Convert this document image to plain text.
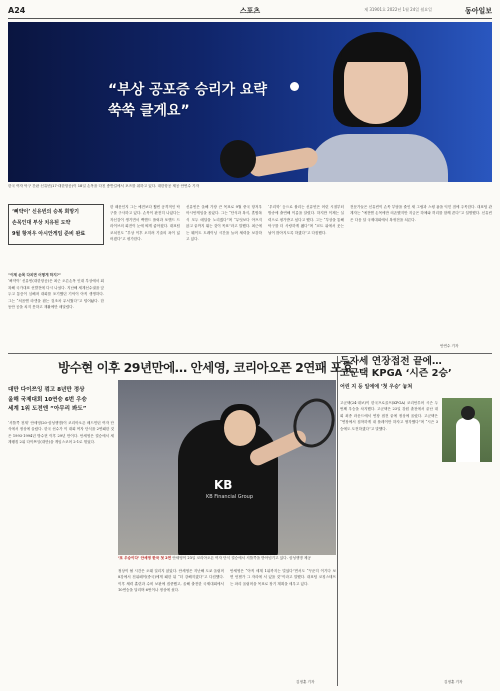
A24	스포츠	제 31901호 2022년 1월 24일 월요일	동아일보
“부상 공포증 승리가 요략 쑥쑥 클게요”
한국 여자 탁구 간판 신유빈(17·대한항공)이 18일 손목을 다친 충반길에서 포즈를 취하고 있다. 대한항공 제공 안연수 기자

‘삐약이’ 신유빈의 승복 희망기

손목인대 부상 치유된 도약

9월 항저우 아시안게임 준비 완료

“이제 손목 다치면 어떻게 하지?”
‘삐약이’ 신유빈(대한항공)은 최근 오른손목 인대 부상에서 회복해 국가대표 선발전에 다시 나섰다. 지난해 세계선수권을 앞두고 통증이 심해져 대회를 포기했던 기억이 아직 생생하다. 그는 “처음엔 라켓을 잡는 것조차 무서웠다”고 털어놨다. 한동안 공을 치지 못하고 재활에만 매달렸다.
한 때문인지 그는 예전보다 훨씬 공격적인 탁구를 구사하고 있다. 손목이 완전히 나았다는 자신감이 생기면서 백핸드 플릭과 포핸드 드라이브의 회전이 눈에 띄게 좋아졌다. 대표팀 코치진도 “부상 이후 오히려 기술의 폭이 넓어졌다”고 평가한다.
신유빈은 올해 가장 큰 목표로 9월 중국 항저우 아시안게임을 꼽았다. 그는 “단식과 복식, 혼합복식 모두 메달을 노리겠다”며 “무엇보다 아프지 않고 끝까지 뛰는 것이 목표”라고 말했다. 최근에는 웨이트 트레이닝 시간을 늘려 체력을 보강하고 있다.
‘우리학’ 등으로 불리는 신유빈은 어린 시절부터 방송에 출연해 이름을 알렸다. 하지만 이제는 실력으로 평가받고 싶다고 했다. 그는 “부상을 통해 탁구를 더 사랑하게 됐다”며 “코트 위에서 웃는 날이 많아지도록 하겠다”고 다짐했다.
전문가들은 신유빈이 손목 부담을 줄인 새 그립과 스윙 폼을 익힌 점에 주목한다. 대표팀 관계자는 “예전엔 손목에만 의존했지만 지금은 하체와 허리를 함께 쓴다”고 설명했다. 신유빈은 다음 달 국제대회에서 복귀전을 치른다.
안연수 기자
방수현 이후 29년만에… 안세영, 코리아오픈 2연패 포효
대만 다이쯔잉 꺾고 8년만 정상
올해 국제대회 10연승 6번 우승
세계 1위 도전엔 “아무리 봐도”
‘셔틀콕 천재’ 안세영(20·삼성생명)이 코리아오픈 배드민턴 여자 단식에서 정상에 올랐다. 한국 선수가 이 대회 여자 단식을 2연패한 것은 1993·1994년 방수현 이후 29년 만이다. 안세영은 결승에서 세계랭킹 2위 다이쯔잉(대만)을 게임스코어 2-1로 꺾었다.
KB
KB Financial Group
‘또 우승이다’ 안세영 한국 첫 2연 안세영이 23일 코리아오픈 여자 단식 결승에서 셔틀콕을 받아넘기고 있다. 삼성생명 제공
정상이 될 시간은 오래 걸리지 않았다. 안세영은 지난해 도쿄 올림픽 8강에서 천위페이(중국)에게 패한 뒤 “더 강해지겠다”고 다짐했다. 이후 체력 훈련과 수비 보완에 집중했고, 올해 출전한 국제대회에서 10연승을 달리며 6번이나 정상에 섰다.
안세영은 “아직 세계 1위까지는 멀었다”면서도 “꾸준히 이기다 보면 언젠가 그 자리에 서 있을 것”이라고 말했다. 대표팀 코칭스태프는 파리 올림픽을 목표로 장기 계획을 세우고 있다.
김정훈 기자
두자세 연장접전 끝에…
고군택 KPGA ‘시즌 2승’
어린 지 등 일에에 ‘첫 우승’ 놓쳐
고군택(24·대보)이 한국프로골프(KPGA) 코리안투어 시즌 두 번째 우승을 차지했다. 고군택은 23일 강원 춘천에서 끝난 대회 최종 라운드에서 연장 접전 끝에 정상에 올랐다. 고군택은 “연장에서 침착하게 내 플레이만 하자고 생각했다”며 “시즌 3승에도 도전하겠다”고 말했다.
김정훈 기자
